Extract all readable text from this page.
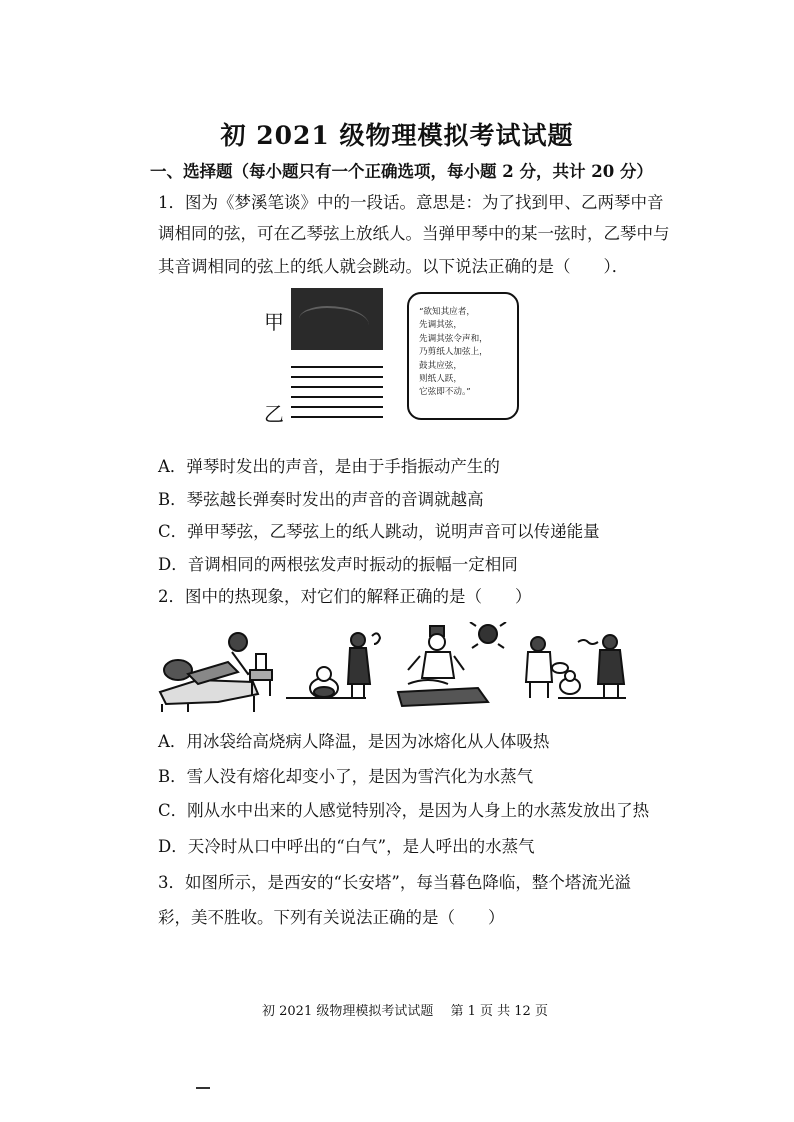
初 2021 级物理模拟考试试题
一、选择题（每小题只有一个正确选项，每小题 2 分，共计 20 分）
1．图为《梦溪笔谈》中的一段话。意思是：为了找到甲、乙两琴中音
调相同的弦，可在乙琴弦上放纸人。当弹甲琴中的某一弦时，乙琴中与
其音调相同的弦上的纸人就会跳动。以下说法正确的是（　　）．
甲
乙
“欲知其应者，
先调其弦，
先调其弦令声和，
乃剪纸人加弦上，
鼓其应弦，
则纸人跃，
它弦即不动。”
A．弹琴时发出的声音，是由于手指振动产生的
B．琴弦越长弹奏时发出的声音的音调就越高
C．弹甲琴弦，乙琴弦上的纸人跳动，说明声音可以传递能量
D．音调相同的两根弦发声时振动的振幅一定相同
2．图中的热现象，对它们的解释正确的是（　　）
A．用冰袋给高烧病人降温，是因为冰熔化从人体吸热
B．雪人没有熔化却变小了，是因为雪汽化为水蒸气
C．刚从水中出来的人感觉特别冷，是因为人身上的水蒸发放出了热
D．天冷时从口中呼出的“白气”，是人呼出的水蒸气
3．如图所示，是西安的“长安塔”，每当暮色降临，整个塔流光溢
彩，美不胜收。下列有关说法正确的是（　　）
初 2021 级物理模拟考试试题　 第 1 页 共 12 页
